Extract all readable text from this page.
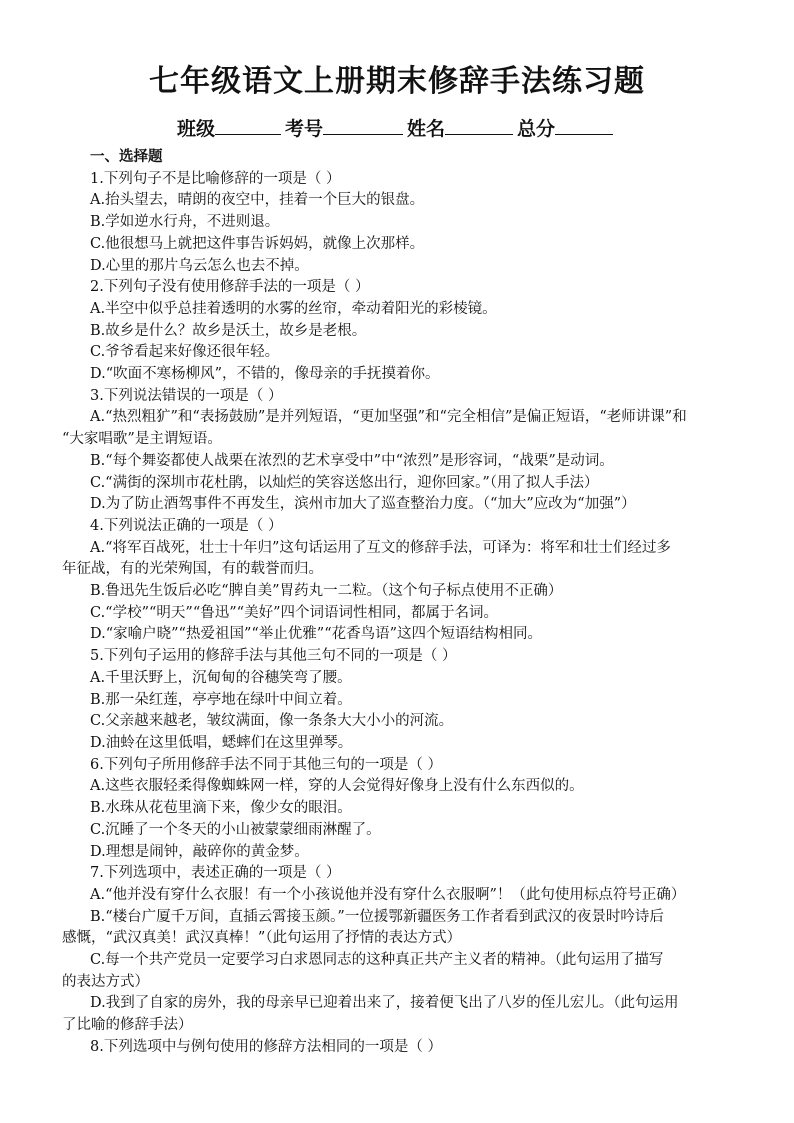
七年级语文上册期末修辞手法练习题
班级	考号	姓名	总分

一、选择题

1.下列句子不是比喻修辞的一项是（ ）

A.抬头望去，晴朗的夜空中，挂着一个巨大的银盘。

B.学如逆水行舟，不进则退。

C.他很想马上就把这件事告诉妈妈，就像上次那样。

D.心里的那片乌云怎么也去不掉。

2.下列句子没有使用修辞手法的一项是（ ）

A.半空中似乎总挂着透明的水雾的丝帘，牵动着阳光的彩棱镜。

B.故乡是什么？故乡是沃土，故乡是老根。

C.爷爷看起来好像还很年轻。

D.“吹面不寒杨柳风”，不错的，像母亲的手抚摸着你。

3.下列说法错误的一项是（ ）

A.“热烈粗犷”和“表扬鼓励”是并列短语，“更加坚强”和“完全相信”是偏正短语，“老师讲课”和

“大家唱歌”是主谓短语。

B.“每个舞姿都使人战栗在浓烈的艺术享受中”中“浓烈”是形容词，“战栗”是动词。

C.“满街的深圳市花杜鹃，以灿烂的笑容送悠出行，迎你回家。”（用了拟人手法）

D.为了防止酒驾事件不再发生，滨州市加大了巡查整治力度。（“加大”应改为“加强”）

4.下列说法正确的一项是（ ）

A.“将军百战死，壮士十年归”这句话运用了互文的修辞手法，可译为：将军和壮士们经过多

年征战，有的光荣殉国，有的载誉而归。

B.鲁迅先生饭后必吃“脾自美”胃药丸一二粒。（这个句子标点使用不正确）

C.“学校”“明天”“鲁迅”“美好”四个词语词性相同，都属于名词。

D.“家喻户晓”“热爱祖国”“举止优雅”“花香鸟语”这四个短语结构相同。

5.下列句子运用的修辞手法与其他三句不同的一项是（ ）

A.千里沃野上，沉甸甸的谷穗笑弯了腰。

B.那一朵红莲，亭亭地在绿叶中间立着。

C.父亲越来越老，皱纹满面，像一条条大大小小的河流。

D.油蛉在这里低唱，蟋蟀们在这里弹琴。

6.下列句子所用修辞手法不同于其他三句的一项是（ ）

A.这些衣服轻柔得像蜘蛛网一样，穿的人会觉得好像身上没有什么东西似的。

B.水珠从花苞里滴下来，像少女的眼泪。

C.沉睡了一个冬天的小山被蒙蒙细雨淋醒了。

D.理想是闹钟，敲碎你的黄金梦。

7.下列选项中，表述正确的一项是（ ）

A.“他并没有穿什么衣服！有一个小孩说他并没有穿什么衣服啊”！（此句使用标点符号正确）

B.“楼台广厦千万间，直插云霄接玉颜。”一位援鄂新疆医务工作者看到武汉的夜景时吟诗后

感慨，“武汉真美！武汉真棒！”（此句运用了抒情的表达方式）

C.每一个共产党员一定要学习白求恩同志的这种真正共产主义者的精神。（此句运用了描写

的表达方式）

D.我到了自家的房外，我的母亲早已迎着出来了，接着便飞出了八岁的侄儿宏儿。（此句运用

了比喻的修辞手法）

8.下列选项中与例句使用的修辞方法相同的一项是（ ）
